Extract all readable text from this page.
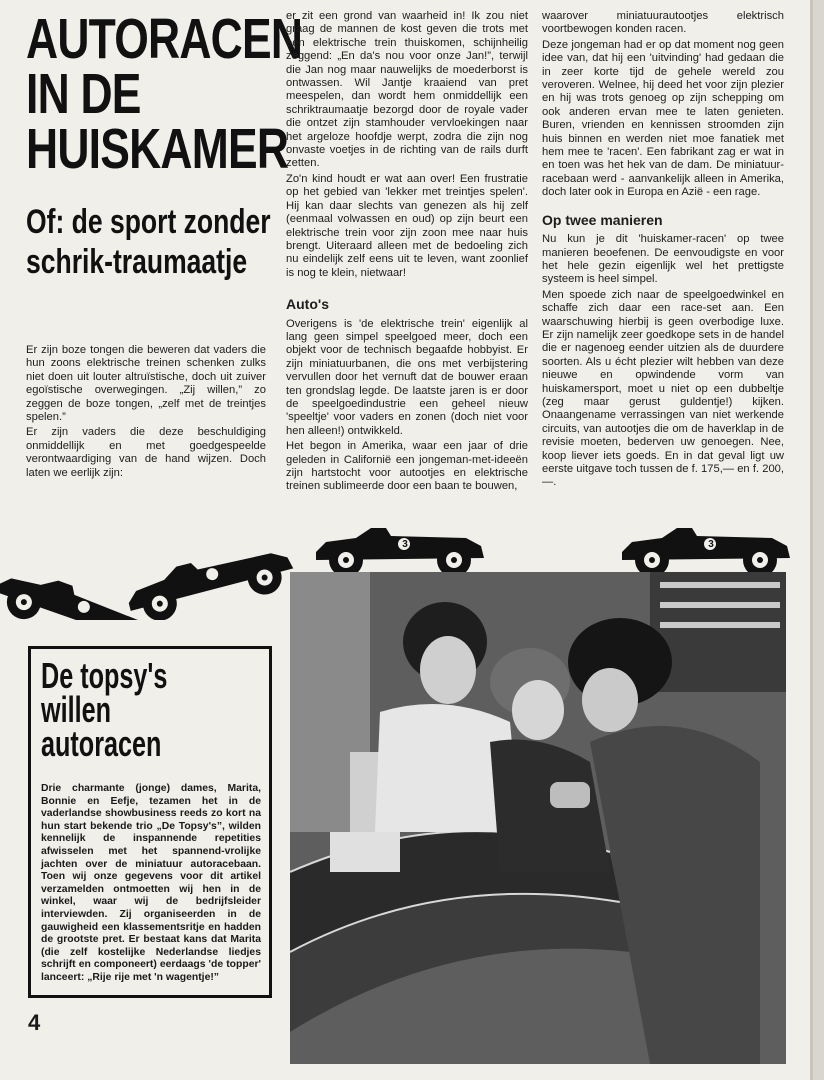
AUTORACEN
IN DE
HUISKAMER
Of: de sport zonder
schrik-traumaatje

Er zijn boze tongen die beweren dat vaders die hun zoons elektrische treinen schenken zulks niet doen uit louter altruïstische, doch uit zuiver egoïstische overwegingen. „Zij willen,” zo zeggen de boze tongen, „zelf met de treintjes spelen.”

Er zijn vaders die deze beschuldiging onmiddellijk en met goedgespeelde verontwaardiging van de hand wijzen. Doch laten we eerlijk zijn:

er zit een grond van waarheid in! Ik zou niet graag de mannen de kost geven die trots met een elektrische trein thuiskomen, schijnheilig zeggend: „En da's nou voor onze Jan!”, terwijl die Jan nog maar nauwelijks de moederborst is ontwassen. Wil Jantje kraaiend van pret meespelen, dan wordt hem onmiddellijk een schriktraumaatje bezorgd door de royale vader die ontzet zijn stamhouder vervloekingen naar het argeloze hoofdje werpt, zodra die zijn nog onvaste voetjes in de richting van de rails durft zetten.

Zo'n kind houdt er wat aan over! Een frustratie op het gebied van 'lekker met treintjes spelen'. Hij kan daar slechts van genezen als hij zelf (eenmaal volwassen en oud) op zijn beurt een elektrische trein voor zijn zoon mee naar huis brengt. Uiteraard alleen met de bedoeling zich nu eindelijk zelf eens uit te leven, want zoonlief is nog te klein, nietwaar!

Auto's

Overigens is 'de elektrische trein' eigenlijk al lang geen simpel speelgoed meer, doch een objekt voor de technisch begaafde hobbyist. Er zijn miniatuurbanen, die ons met verbijstering vervullen door het vernuft dat de bouwer eraan ten grondslag legde. De laatste jaren is er door de speelgoedindustrie een geheel nieuw 'speeltje' voor vaders en zonen (doch niet voor hen alleen!) ontwikkeld.

Het begon in Amerika, waar een jaar of drie geleden in Californië een jongeman-met-ideeën zijn hartstocht voor autootjes en elektrische treinen sublimeerde door een baan te bouwen,

waarover miniatuurautootjes elektrisch voortbewogen konden racen.

Deze jongeman had er op dat moment nog geen idee van, dat hij een 'uitvinding' had gedaan die in zeer korte tijd de gehele wereld zou veroveren. Welnee, hij deed het voor zijn plezier en hij was trots genoeg op zijn schepping om ook anderen ervan mee te laten genieten. Buren, vrienden en kennissen stroomden zijn huis binnen en werden niet moe fanatiek met hem mee te 'racen'. Een fabrikant zag er wat in en toen was het hek van de dam. De miniatuur-racebaan werd - aanvankelijk alleen in Amerika, doch later ook in Europa en Azië - een rage.

Op twee manieren

Nu kun je dit 'huiskamer-racen' op twee manieren beoefenen. De eenvoudigste en voor het hele gezin eigenlijk wel het prettigste systeem is heel simpel.

Men spoede zich naar de speelgoedwinkel en schaffe zich daar een race-set aan. Een waarschuwing hierbij is geen overbodige luxe. Er zijn namelijk zeer goedkope sets in de handel die er nagenoeg eender uitzien als de duurdere soorten. Als u écht plezier wilt hebben van deze nieuwe en opwindende vorm van huiskamersport, moet u niet op een dubbeltje (zeg maar gerust guldentje!) kijken. Onaangename verrassingen van niet werkende circuits, van autootjes die om de haverklap in de revisie moeten, bederven uw genoegen. Nee, koop liever iets goeds. En in dat geval ligt uw eerste uitgave toch tussen de f. 175,— en f. 200,—.

3	3
De topsy's
willen
autoracen
Drie charmante (jonge) dames, Marita, Bonnie en Eefje, tezamen het in de vaderlandse showbusiness reeds zo kort na hun start bekende trio „De Topsy's”, wilden kennelijk de inspannende repetities afwisselen met het spannend-vrolijke jachten over de miniatuur autoracebaan. Toen wij onze gegevens voor dit artikel verzamelden ontmoetten wij hen in de winkel, waar wij de bedrijfsleider interviewden. Zij organiseerden in de gauwigheid een klassementsritje en hadden de grootste pret. Er bestaat kans dat Marita (die zelf kostelijke Nederlandse liedjes schrijft en componeert) eerdaags 'de topper' lanceert: „Rije rije met 'n wagentje!”
4
